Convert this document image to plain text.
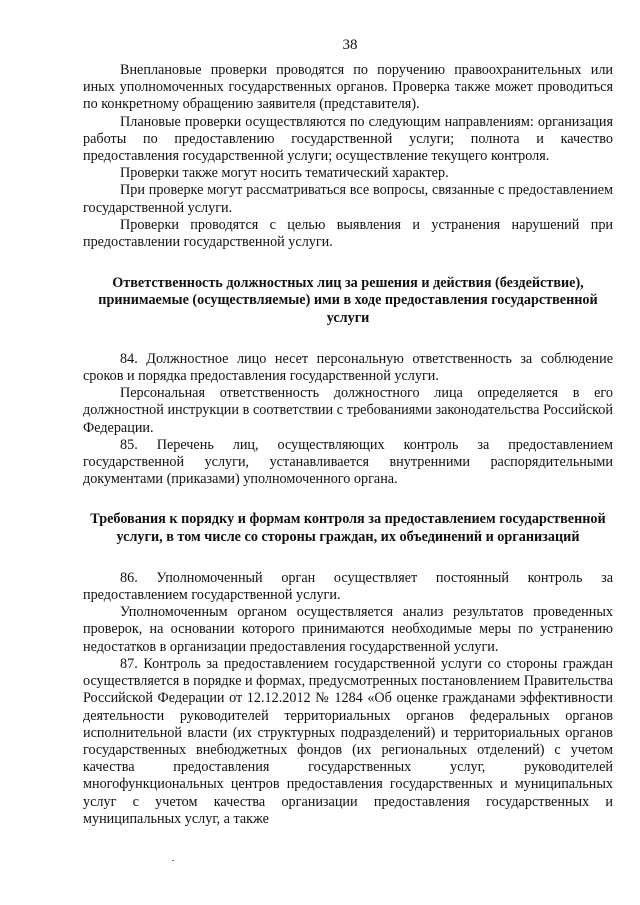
38

Внеплановые проверки проводятся по поручению правоохранительных или иных уполномоченных государственных органов. Проверка также может проводиться по конкретному обращению заявителя (представителя).

Плановые проверки осуществляются по следующим направлениям: организация работы по предоставлению государственной услуги; полнота и качество предоставления государственной услуги; осуществление текущего контроля.

Проверки также могут носить тематический характер.

При проверке могут рассматриваться все вопросы, связанные с предоставлением государственной услуги.

Проверки проводятся с целью выявления и устранения нарушений при предоставлении государственной услуги.

Ответственность должностных лиц за решения и действия (бездействие), принимаемые (осуществляемые) ими в ходе предоставления государственной услуги

84. Должностное лицо несет персональную ответственность за соблюдение сроков и порядка предоставления государственной услуги.

Персональная ответственность должностного лица определяется в его должностной инструкции в соответствии с требованиями законодательства Российской Федерации.

85. Перечень лиц, осуществляющих контроль за предоставлением государственной услуги, устанавливается внутренними распорядительными документами (приказами) уполномоченного органа.

Требования к порядку и формам контроля за предоставлением государственной услуги, в том числе со стороны граждан, их объединений и организаций

86. Уполномоченный орган осуществляет постоянный контроль за предоставлением государственной услуги.

Уполномоченным органом осуществляется анализ результатов проведенных проверок, на основании которого принимаются необходимые меры по устранению недостатков в организации предоставления государственной услуги.

87. Контроль за предоставлением государственной услуги со стороны граждан осуществляется в порядке и формах, предусмотренных постановлением Правительства Российской Федерации от 12.12.2012 № 1284 «Об оценке гражданами эффективности деятельности руководителей территориальных органов федеральных органов исполнительной власти (их структурных подразделений) и территориальных органов государственных внебюджетных фондов (их региональных отделений) с учетом качества предоставления государственных услуг, руководителей многофункциональных центров предоставления государственных и муниципальных услуг с учетом качества организации предоставления государственных и муниципальных услуг, а также
